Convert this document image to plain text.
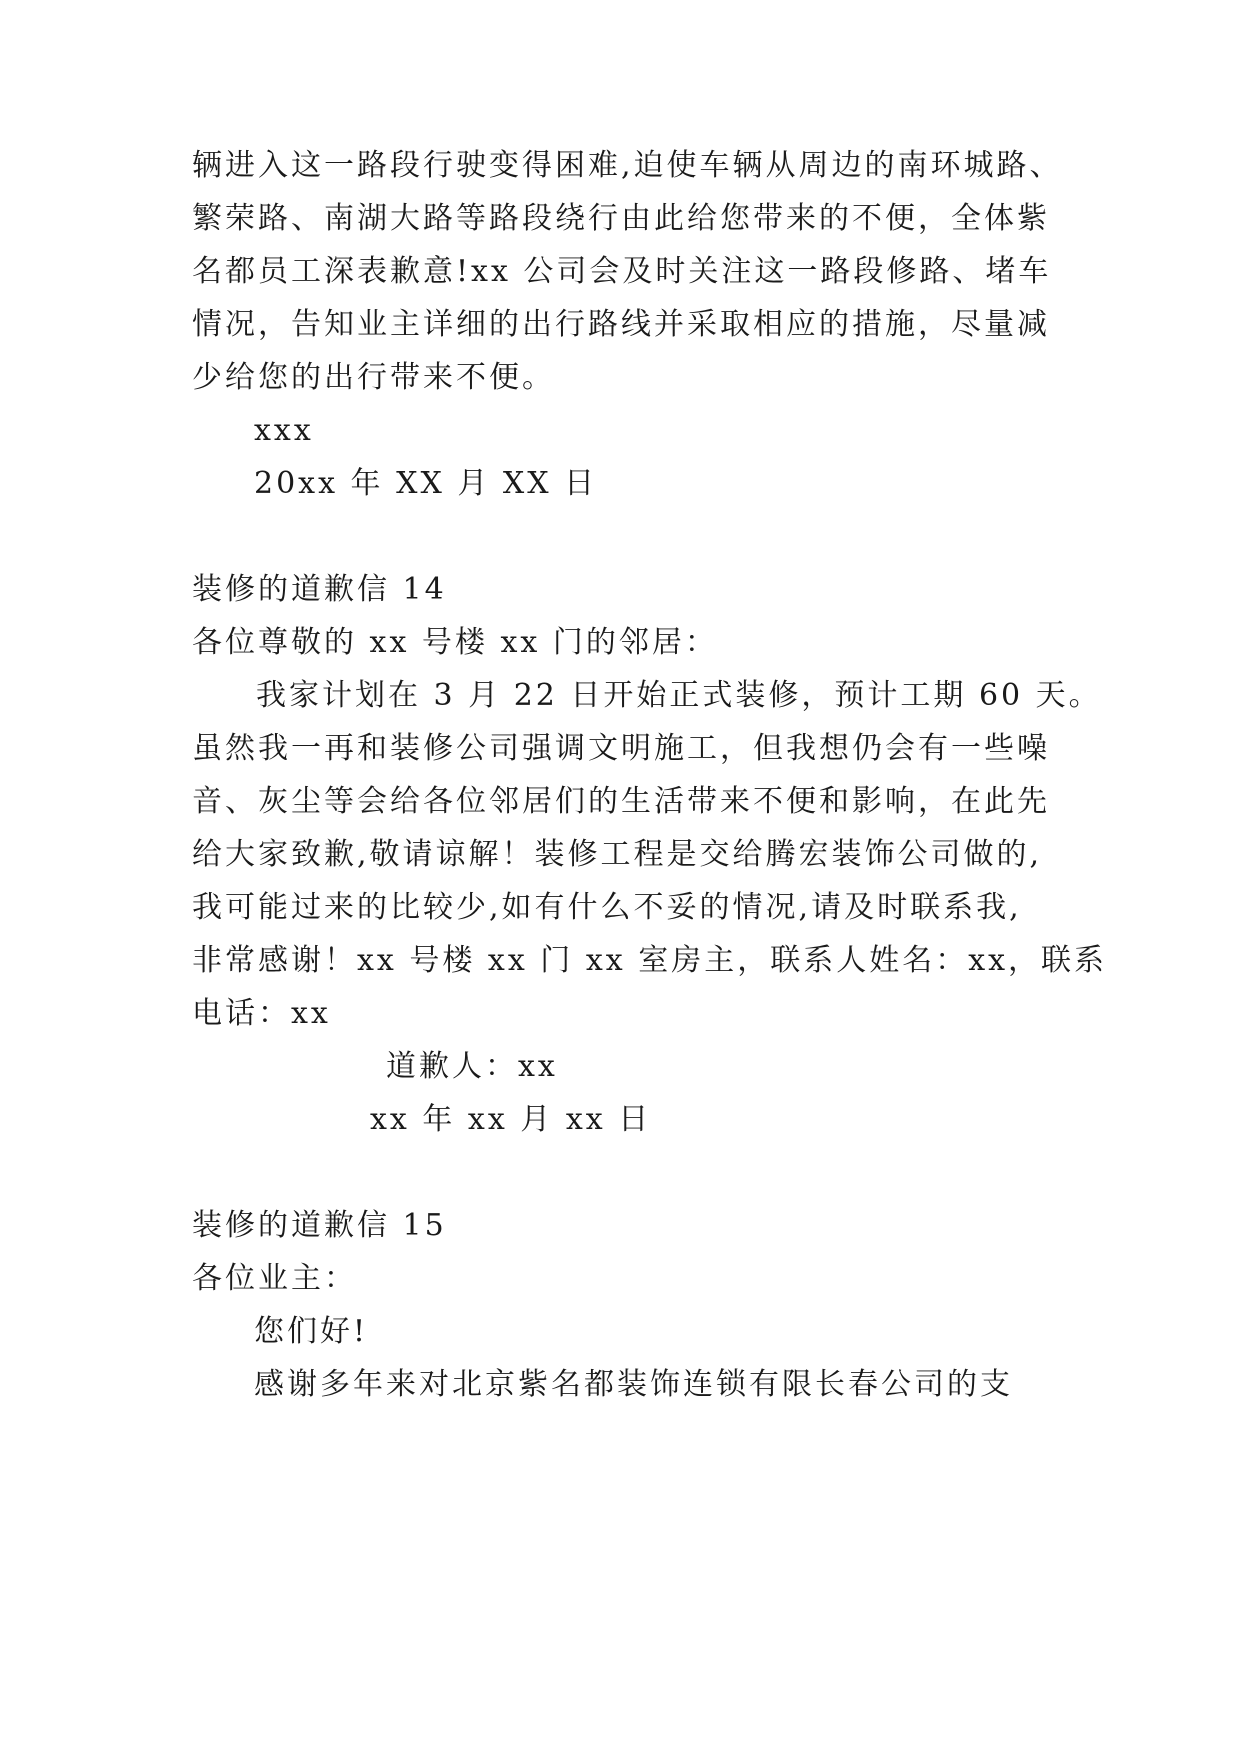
辆进入这一路段行驶变得困难,迫使车辆从周边的南环城路、
繁荣路、南湖大路等路段绕行由此给您带来的不便，全体紫
名都员工深表歉意!xx 公司会及时关注这一路段修路、堵车
情况，告知业主详细的出行路线并采取相应的措施，尽量减
少给您的出行带来不便。
xxx
20xx 年 XX 月 XX 日
装修的道歉信 14
各位尊敬的 xx 号楼 xx 门的邻居：
我家计划在 3 月 22 日开始正式装修，预计工期 60 天。
虽然我一再和装修公司强调文明施工，但我想仍会有一些噪
音、灰尘等会给各位邻居们的生活带来不便和影响，在此先
给大家致歉,敬请谅解！装修工程是交给腾宏装饰公司做的,
我可能过来的比较少,如有什么不妥的情况,请及时联系我,
非常感谢！xx 号楼 xx 门 xx 室房主，联系人姓名：xx，联系
电话：xx
道歉人：xx
xx 年 xx 月 xx 日
装修的道歉信 15
各位业主：
您们好!
感谢多年来对北京紫名都装饰连锁有限长春公司的支
